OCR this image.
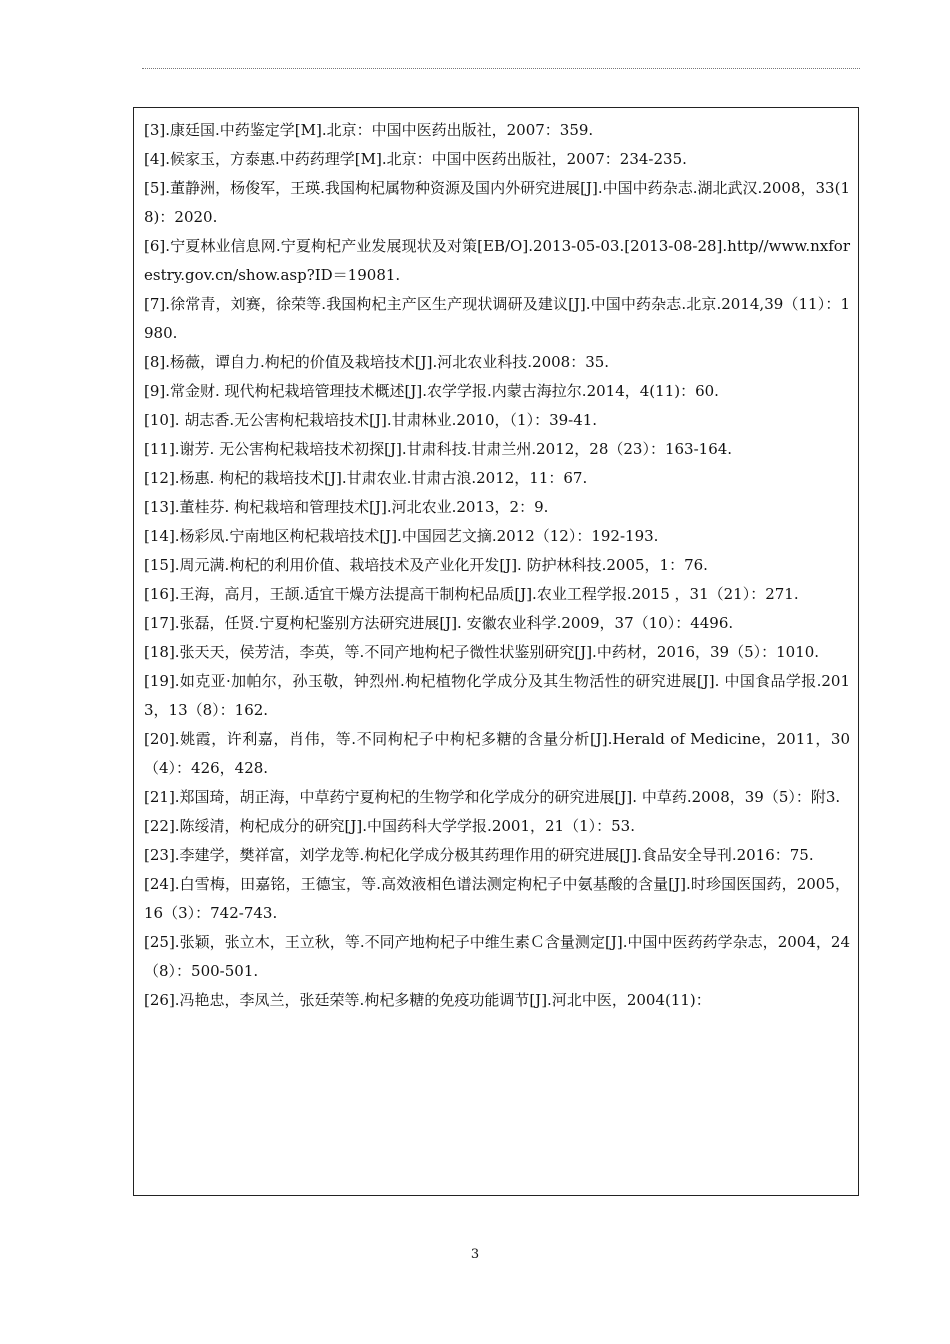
[3].康廷国.中药鉴定学[M].北京：中国中医药出版社，2007：359.
[4].候家玉，方泰惠.中药药理学[M].北京：中国中医药出版社，2007：234-235.
[5].董静洲，杨俊军，王瑛.我国枸杞属物种资源及国内外研究进展[J].中国中药杂志.湖北武汉.2008，33(18)：2020.
[6].宁夏林业信息网.宁夏枸杞产业发展现状及对策[EB/O].2013-05-03.[2013-08-28].http//www.nxforestry.gov.cn/show.asp?ID＝19081.
[7].徐常青，刘赛，徐荣等.我国枸杞主产区生产现状调研及建议[J].中国中药杂志.北京.2014,39（11）：1980.
[8].杨薇，谭自力.枸杞的价值及栽培技术[J].河北农业科技.2008：35.
[9].常金财. 现代枸杞栽培管理技术概述[J].农学学报.内蒙古海拉尔.2014，4(11)：60.
[10]. 胡志香.无公害枸杞栽培技术[J].甘肃林业.2010，（1）：39-41.
[11].谢芳. 无公害枸杞栽培技术初探[J].甘肃科技.甘肃兰州.2012，28（23）：163-164.
[12].杨惠. 枸杞的栽培技术[J].甘肃农业.甘肃古浪.2012，11：67.
[13].董桂芬. 枸杞栽培和管理技术[J].河北农业.2013，2：9.
[14].杨彩凤.宁南地区枸杞栽培技术[J].中国园艺文摘.2012（12）：192-193.
[15].周元满.枸杞的利用价值、栽培技术及产业化开发[J]. 防护林科技.2005，1：76.
[16].王海，高月，王颉.适宜干燥方法提高干制枸杞品质[J].农业工程学报.2015 ，31（21）：271.
[17].张磊，任贤.宁夏枸杞鉴别方法研究进展[J]. 安徽农业科学.2009，37（10）：4496.
[18].张天天，侯芳洁，李英，等.不同产地枸杞子微性状鉴别研究[J].中药材，2016，39（5）：1010.
[19].如克亚·加帕尔，孙玉敬，钟烈州.枸杞植物化学成分及其生物活性的研究进展[J]. 中国食品学报.2013，13（8）：162.
[20].姚霞，许利嘉，肖伟，等.不同枸杞子中枸杞多糖的含量分析[J].Herald of Medicine，2011，30（4）：426，428.
[21].郑国琦，胡正海，中草药宁夏枸杞的生物学和化学成分的研究进展[J]. 中草药.2008，39（5）：附3.
[22].陈绥清，枸杞成分的研究[J].中国药科大学学报.2001，21（1）：53.
[23].李建学，樊祥富，刘学龙等.枸杞化学成分极其药理作用的研究进展[J].食品安全导刊.2016：75.
[24].白雪梅，田嘉铭，王德宝，等.高效液相色谱法测定枸杞子中氨基酸的含量[J].时珍国医国药，2005，16（3）：742-743.
[25].张颖，张立木，王立秋，等.不同产地枸杞子中维生素Ｃ含量测定[J].中国中医药药学杂志，2004，24（8）：500-501.
[26].冯艳忠，李凤兰，张廷荣等.枸杞多糖的免疫功能调节[J].河北中医，2004(11)：
3
